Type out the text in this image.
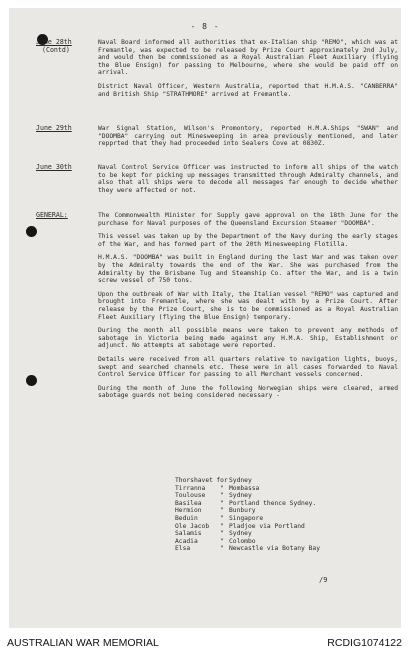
- 8 -
June 28th
(Contd)

Naval Board informed all authorities that ex-Italian ship "REMO", which was at Fremantle, was expected to be released by Prize Court approximately 2nd July, and would then be commissioned as a Royal Australian Fleet Auxiliary (flying the Blue Ensign) for passing to Melbourne, where she would be paid off on arrival.

District Naval Officer, Western Australia, reported that H.M.A.S. "CANBERRA" and British Ship "STRATHMORE" arrived at Fremantle.

June 29th	War Signal Station, Wilson's Promontory, reported H.M.A.Ships "SWAN" and "DOOMBA" carrying out Minesweeping in area previously mentioned, and later repprted that they had proceeded into Sealers Cove at 0830Z.

June 30th	Naval Control Service Officer was instructed to inform all ships of the watch to be kept for picking up messages transmitted through Admiralty channels, and also that all ships were to decode all messages far enough to decide whether they were affected or not.

GENERAL:	The Commonwealth Minister for Supply gave approval on the 18th June for the purchase for Naval purposes of the Queensland Excursion Steamer "DOOMBA".

This vessel was taken up by the Department of the Navy during the early stages of the War, and has formed part of the 20th Minesweeping Flotilla.

H.M.A.S. "DOOMBA" was built in England during the last War and was taken over by the Admiralty towards the end of the War. She was purchased from the Admiralty by the Brisbane Tug and Steamship Co. after the War, and is a twin screw vessel of 750 tons.

Upon the outbreak of War with Italy, the Italian vessel "REMO" was captured and brought into Fremantle, where she was dealt with by a Prize Court. After release by the Prize Court, she is to be commissioned as a Royal Australian Fleet Auxiliary (flying the Blue Ensign) temporary.

During the month all possible means were taken to prevent any methods of sabotage in Victoria being made against any H.M.A. Ship, Establishment or adjunct. No attempts at sabotage were reported.

Details were received from all quarters relative to navigation lights, buoys, swept and searched channels etc. These were in all cases forwarded to Naval Control Service Officer for passing to all Merchant vessels concerned.

During the month of June the following Norwegian ships were cleared, armed sabotage guards not being considered necessary -

Thorshavet for Sydney
Tirranna	" Mombassa
Toulouse	" Sydney
Basilea	" Portland thence Sydney.
Hermion	" Bunbury
Beduin	" Singapore
Ole Jacob	" Pladjoe via Portland
Salamis	" Sydney
Acadia	" Colombo
Elsa	" Newcastle via Botany Bay
/9
AUSTRALIAN WAR MEMORIAL	RCDIG1074122
